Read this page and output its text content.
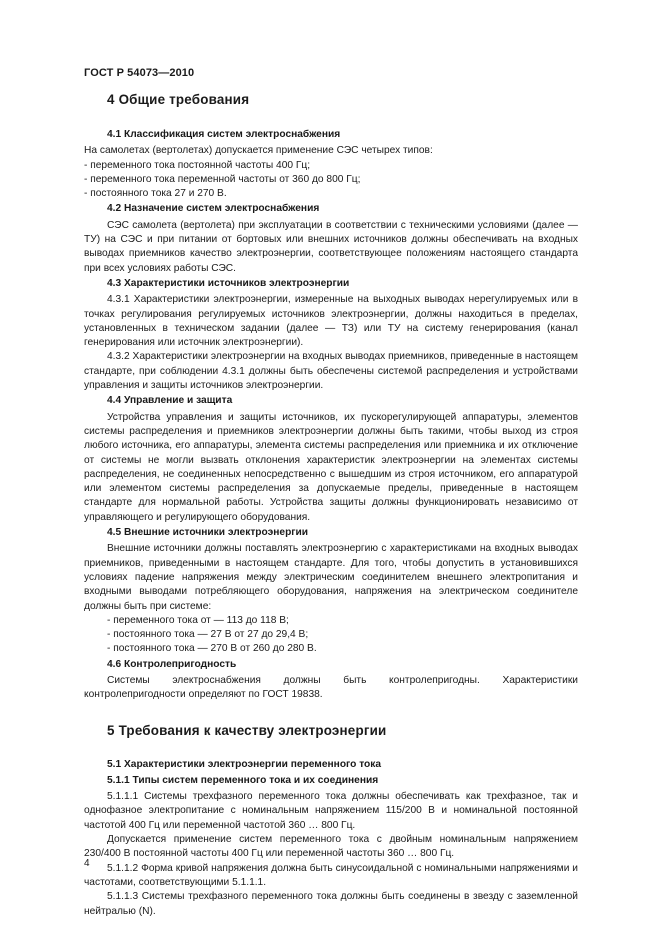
ГОСТ Р 54073—2010
4 Общие требования
4.1 Классификация систем электроснабжения

На самолетах (вертолетах) допускается применение СЭС четырех типов:

- переменного тока постоянной частоты 400 Гц;

- переменного тока переменной частоты от 360 до 800 Гц;

- постоянного тока 27 и 270 В.

4.2 Назначение систем электроснабжения

СЭС самолета (вертолета) при эксплуатации в соответствии с техническими условиями (далее — ТУ) на СЭС и при питании от бортовых или внешних источников должны обеспечивать на входных выводах приемников качество электроэнергии, соответствующее положениям настоящего стандарта при всех условиях работы СЭС.

4.3 Характеристики источников электроэнергии

4.3.1 Характеристики электроэнергии, измеренные на выходных выводах нерегулируемых или в точках регулирования регулируемых источников электроэнергии, должны находиться в пределах, установленных в техническом задании (далее — ТЗ) или ТУ на систему генерирования (канал генерирования или источник электроэнергии).

4.3.2 Характеристики электроэнергии на входных выводах приемников, приведенные в настоящем стандарте, при соблюдении 4.3.1 должны быть обеспечены системой распределения и устройствами управления и защиты источников электроэнергии.

4.4 Управление и защита

Устройства управления и защиты источников, их пускорегулирующей аппаратуры, элементов системы распределения и приемников электроэнергии должны быть такими, чтобы выход из строя любого источника, его аппаратуры, элемента системы распределения или приемника и их отключение от системы не могли вызвать отклонения характеристик электроэнергии на элементах системы распределения, не соединенных непосредственно с вышедшим из строя источником, его аппаратурой или элементом системы распределения за допускаемые пределы, приведенные в настоящем стандарте для нормальной работы. Устройства защиты должны функционировать независимо от управляющего и регулирующего оборудования.

4.5 Внешние источники электроэнергии

Внешние источники должны поставлять электроэнергию с характеристиками на входных выводах приемников, приведенными в настоящем стандарте. Для того, чтобы допустить в установившихся условиях падение напряжения между электрическим соединителем внешнего электропитания и входными выводами потребляющего оборудования, напряжения на электрическом соединителе должны быть при системе:

- переменного тока от — 113 до 118 В;

- постоянного тока — 27 В от 27 до 29,4 В;

- постоянного тока — 270 В от 260 до 280 В.

4.6 Контролепригодность

Системы электроснабжения должны быть контролепригодны. Характеристики контролепригодности определяют по ГОСТ 19838.

5 Требования к качеству электроэнергии
5.1 Характеристики электроэнергии переменного тока
5.1.1 Типы систем переменного тока и их соединения

5.1.1.1 Системы трехфазного переменного тока должны обеспечивать как трехфазное, так и однофазное электропитание с номинальным напряжением 115/200 В и номинальной постоянной частотой 400 Гц или переменной частотой 360 … 800 Гц.

Допускается применение систем переменного тока с двойным номинальным напряжением 230/400 В постоянной частоты 400 Гц или переменной частоты 360 … 800 Гц.

5.1.1.2 Форма кривой напряжения должна быть синусоидальной с номинальными напряжениями и частотами, соответствующими 5.1.1.1.

5.1.1.3 Системы трехфазного переменного тока должны быть соединены в звезду с заземленной нейтралью (N).

4
